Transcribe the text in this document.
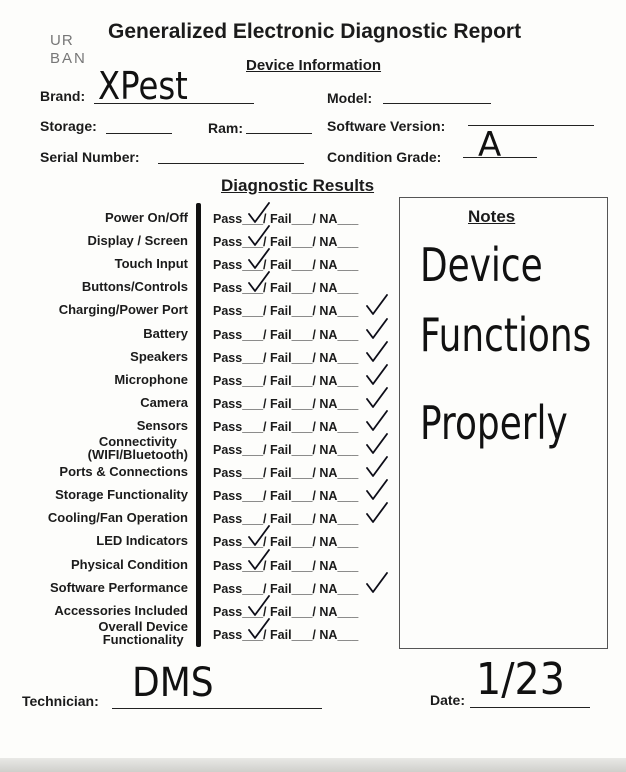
UR
BAN
Generalized Electronic Diagnostic Report
Device Information
Brand: XPest	Model:
Storage:	Ram:	Software Version:
Serial Number:	Condition Grade: A
Diagnostic Results
Power On/Off Pass___/ Fail___/ NA___
Display / Screen Pass___/ Fail___/ NA___
Touch Input Pass___/ Fail___/ NA___
Buttons/Controls Pass___/ Fail___/ NA___
Charging/Power Port Pass___/ Fail___/ NA___
Battery Pass___/ Fail___/ NA___
Speakers Pass___/ Fail___/ NA___
Microphone Pass___/ Fail___/ NA___
Camera Pass___/ Fail___/ NA___
Sensors Pass___/ Fail___/ NA___
Connectivity
(WIFI/Bluetooth) Pass___/ Fail___/ NA___
Ports & Connections Pass___/ Fail___/ NA___
Storage Functionality Pass___/ Fail___/ NA___
Cooling/Fan Operation Pass___/ Fail___/ NA___
LED Indicators Pass___/ Fail___/ NA___
Physical Condition Pass___/ Fail___/ NA___
Software Performance Pass___/ Fail___/ NA___
Accessories Included Pass___/ Fail___/ NA___
Overall Device
Functionality	Pass___/ Fail___/ NA___
Notes
Device
Functions
Properly
Technician: DMS	Date: 1/23
